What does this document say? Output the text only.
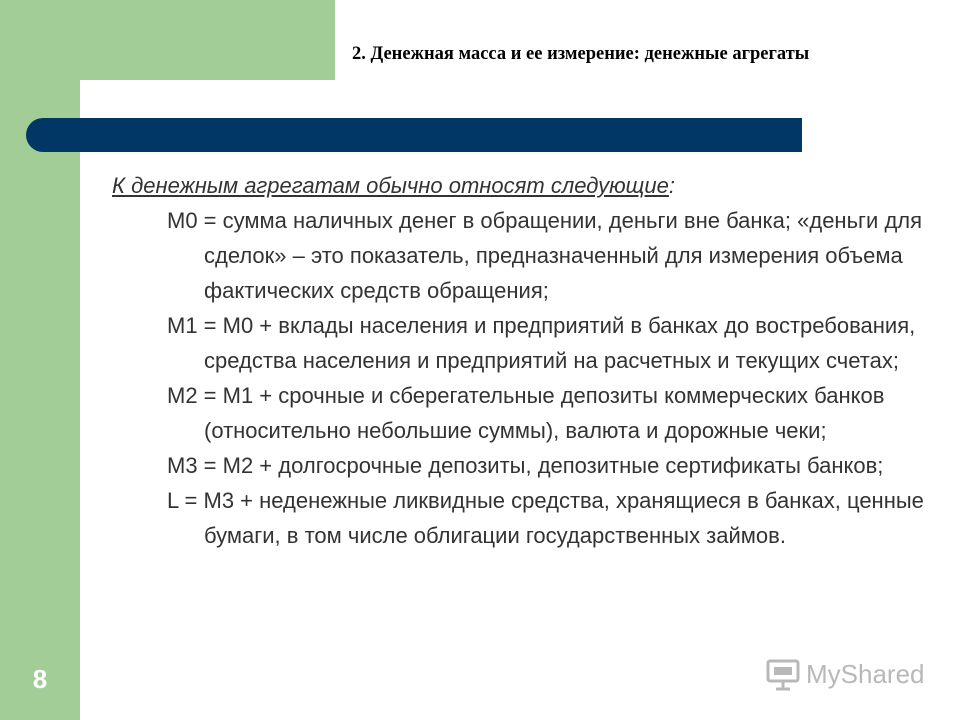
2. Денежная масса и ее измерение: денежные агрегаты
8
К денежным агрегатам обычно относят следующие:
М0 = сумма наличных денег в обращении, деньги вне банка; «деньги для сделок» – это показатель, предназначенный для измерения объема фактических средств обращения;
М1 = М0 + вклады населения и предприятий в банках до востребования, средства населения и предприятий на расчетных и текущих счетах;
М2 = М1 + срочные и сберегательные депозиты коммерческих банков (относительно небольшие суммы), валюта и дорожные чеки;
М3 = М2 + долгосрочные депозиты, депозитные сертификаты банков;
L = М3 + неденежные ликвидные средства, хранящиеся в банках, ценные бумаги, в том числе облигации государственных займов.
MyShared
